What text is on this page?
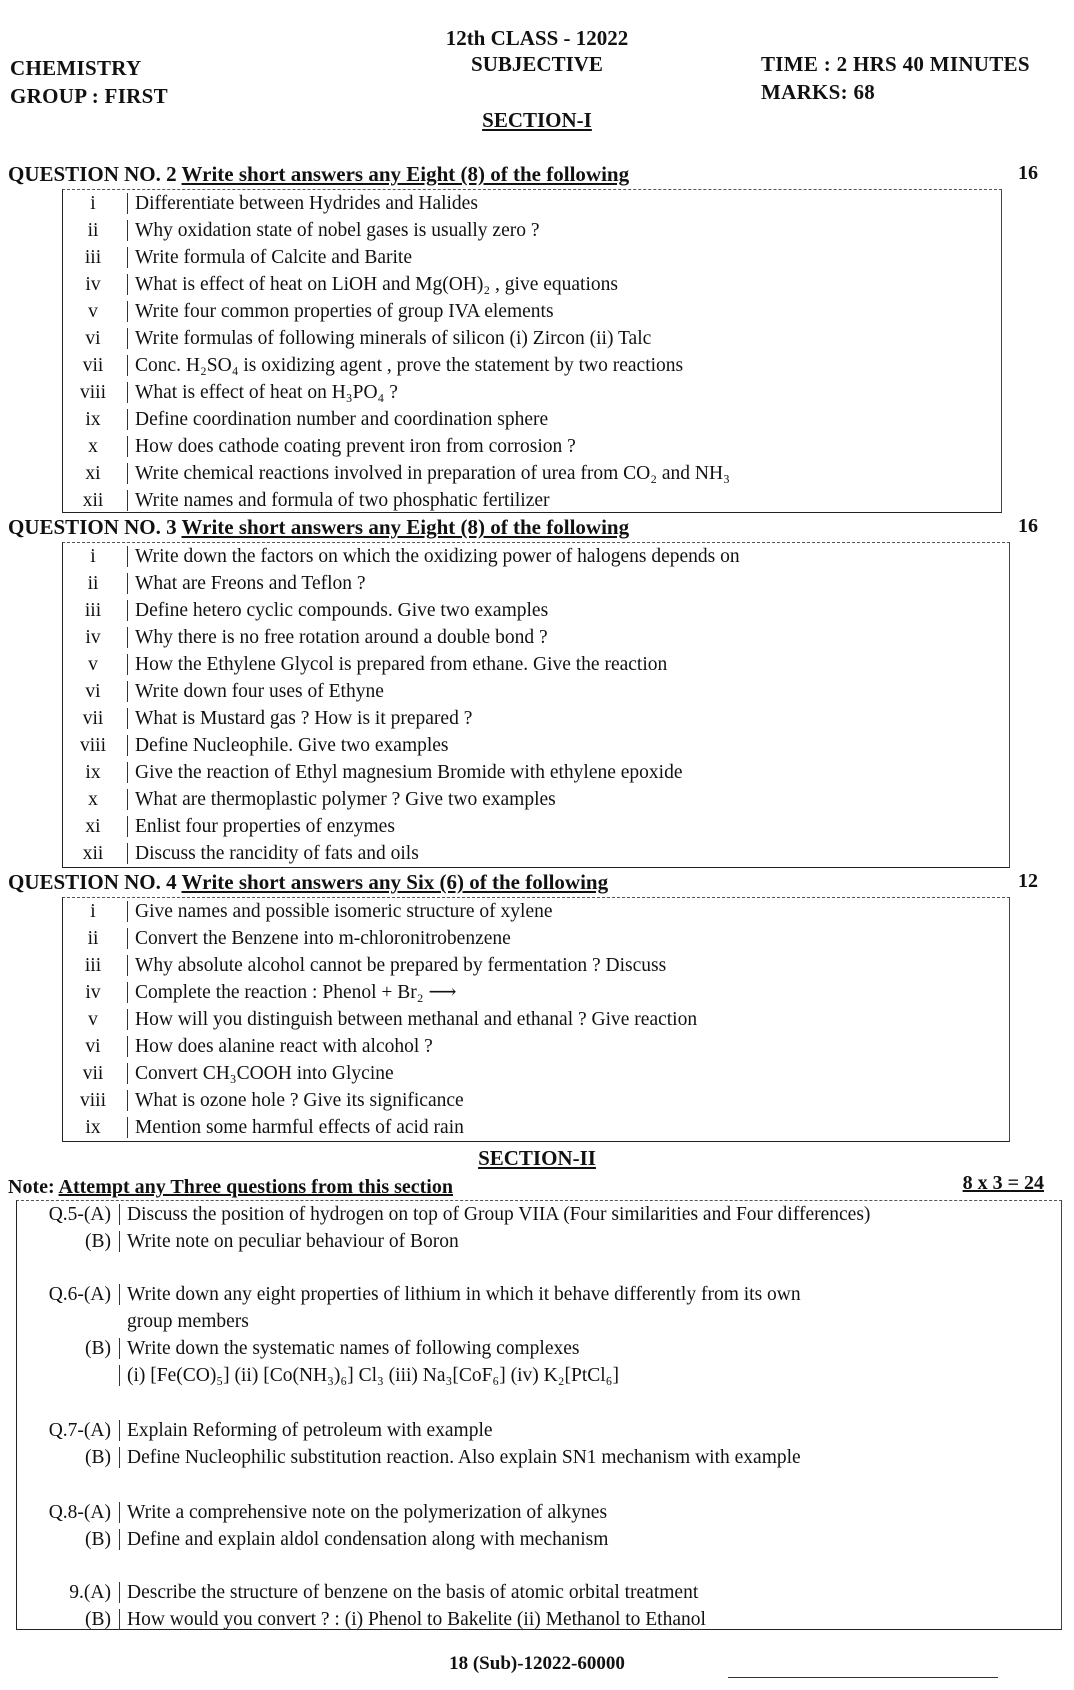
12th CLASS - 12022
SUBJECTIVE
CHEMISTRY
GROUP : FIRST
TIME : 2 HRS 40 MINUTES
MARKS: 68
SECTION-I
QUESTION NO. 2 Write short answers any Eight (8) of the following	16
i	Differentiate between Hydrides and Halides
ii	Why oxidation state of nobel gases is usually zero ?
iii	Write formula of Calcite and Barite
iv	What is effect of heat on LiOH and Mg(OH)₂ , give equations
v	Write four common properties of group IVA elements
vi	Write formulas of following minerals of silicon (i) Zircon (ii) Talc
vii	Conc. H₂SO₄ is oxidizing agent , prove the statement by two reactions
viii	What is effect of heat on H₃PO₄ ?
ix	Define coordination number and coordination sphere
x	How does cathode coating prevent iron from corrosion ?
xi	Write chemical reactions involved in preparation of urea from CO₂ and NH₃
xii	Write names and formula of two phosphatic fertilizer
QUESTION NO. 3 Write short answers any Eight (8) of the following	16
i	Write down the factors on which the oxidizing power of halogens depends on
ii	What are Freons and Teflon ?
iii	Define hetero cyclic compounds. Give two examples
iv	Why there is no free rotation around a double bond ?
v	How the Ethylene Glycol is prepared from ethane. Give the reaction
vi	Write down four uses of Ethyne
vii	What is Mustard gas ? How is it prepared ?
viii	Define Nucleophile. Give two examples
ix	Give the reaction of Ethyl magnesium Bromide with ethylene epoxide
x	What are thermoplastic polymer ? Give two examples
xi	Enlist four properties of enzymes
xii	Discuss the rancidity of fats and oils
QUESTION NO. 4 Write short answers any Six (6) of the following	12
i	Give names and possible isomeric structure of xylene
ii	Convert the Benzene into m-chloronitrobenzene
iii	Why absolute alcohol cannot be prepared by fermentation ? Discuss
iv	Complete the reaction : Phenol + Br₂ ⟶
v	How will you distinguish between methanal and ethanal ? Give reaction
vi	How does alanine react with alcohol ?
vii	Convert CH₃COOH into Glycine
viii	What is ozone hole ? Give its significance
ix	Mention some harmful effects of acid rain
SECTION-II
Note: Attempt any Three questions from this section	8 x 3 = 24
Q.5-(A) Discuss the position of hydrogen on top of Group VIIA (Four similarities and Four differences)
(B) Write note on peculiar behaviour of Boron
Q.6-(A) Write down any eight properties of lithium in which it behave differently from its own
group members
(B) Write down the systematic names of following complexes
(i) [Fe(CO)₅] (ii) [Co(NH₃)₆] Cl₃ (iii) Na₃[CoF₆] (iv) K₂[PtCl₆]
Q.7-(A) Explain Reforming of petroleum with example
(B) Define Nucleophilic substitution reaction. Also explain SN1 mechanism with example
Q.8-(A) Write a comprehensive note on the polymerization of alkynes
(B) Define and explain aldol condensation along with mechanism
9.(A) Describe the structure of benzene on the basis of atomic orbital treatment
(B) How would you convert ? : (i) Phenol to Bakelite (ii) Methanol to Ethanol
18 (Sub)-12022-60000
